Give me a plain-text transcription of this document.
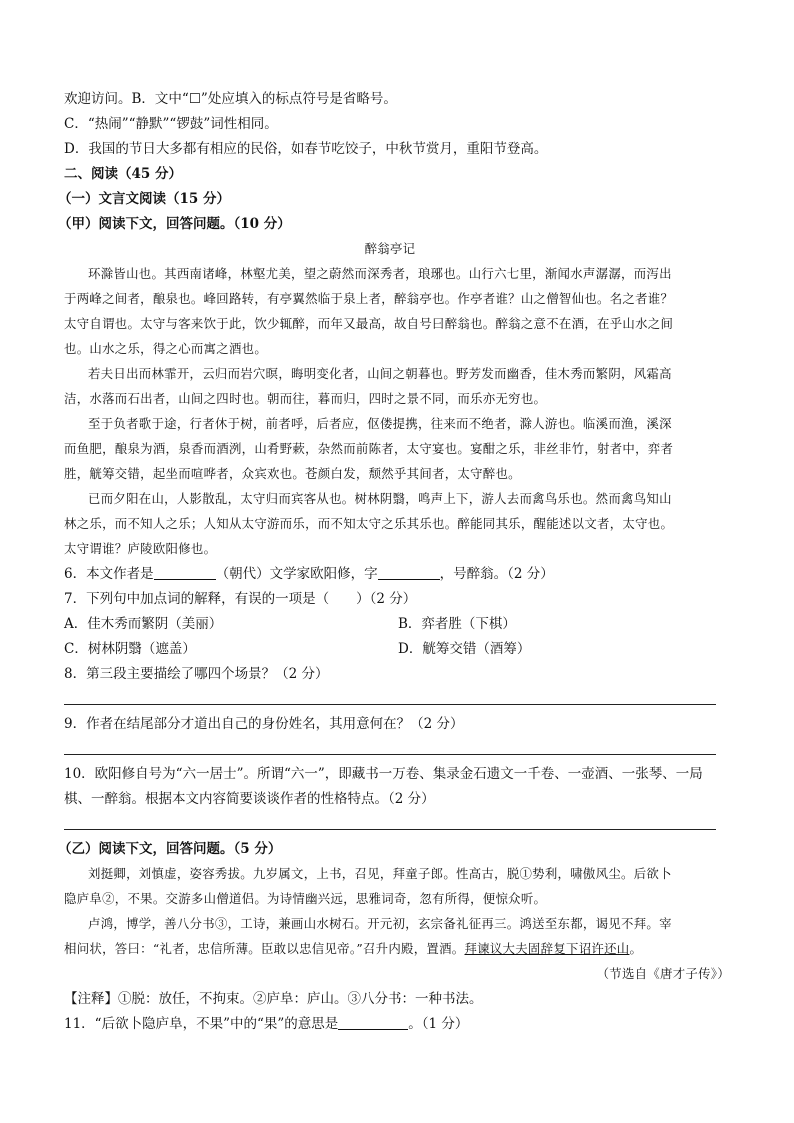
欢迎访问。B．文中“☐”处应填入的标点符号是省略号。
C．“热闹”“静默”“锣鼓”词性相同。
D．我国的节日大多都有相应的民俗，如春节吃饺子，中秋节赏月，重阳节登高。
二、阅读（45 分）
（一）文言文阅读（15 分）
（甲）阅读下文，回答问题。（10 分）
醉翁亭记
环滁皆山也。其西南诸峰，林壑尤美，望之蔚然而深秀者，琅琊也。山行六七里，渐闻水声潺潺，而泻出
于两峰之间者，酿泉也。峰回路转，有亭翼然临于泉上者，醉翁亭也。作亭者谁？山之僧智仙也。名之者谁？
太守自谓也。太守与客来饮于此，饮少辄醉，而年又最高，故自号曰醉翁也。醉翁之意不在酒，在乎山水之间
也。山水之乐，得之心而寓之酒也。
若夫日出而林霏开，云归而岩穴暝，晦明变化者，山间之朝暮也。野芳发而幽香，佳木秀而繁阴，风霜高
洁，水落而石出者，山间之四时也。朝而往，暮而归，四时之景不同，而乐亦无穷也。
至于负者歌于途，行者休于树，前者呼，后者应，伛偻提携，往来而不绝者，滁人游也。临溪而渔，溪深
而鱼肥，酿泉为酒，泉香而酒洌，山肴野蔌，杂然而前陈者，太守宴也。宴酣之乐，非丝非竹，射者中，弈者
胜，觥筹交错，起坐而喧哗者，众宾欢也。苍颜白发，颓然乎其间者，太守醉也。
已而夕阳在山，人影散乱，太守归而宾客从也。树林阴翳，鸣声上下，游人去而禽鸟乐也。然而禽鸟知山
林之乐，而不知人之乐；人知从太守游而乐，而不知太守之乐其乐也。醉能同其乐，醒能述以文者，太守也。
太守谓谁？庐陵欧阳修也。
6．本文作者是	（朝代）文学家欧阳修，字	，号醉翁。（2 分）
7．下列句中加点词的解释，有误的一项是（　　）（2 分）
A．佳木秀而繁阴（美丽）	B．弈者胜（下棋）
C．树林阴翳（遮盖）	D．觥筹交错（酒筹）
8．第三段主要描绘了哪四个场景？（2 分）
9．作者在结尾部分才道出自己的身份姓名，其用意何在？（2 分）
10．欧阳修自号为“六一居士”。所谓“六一”，即藏书一万卷、集录金石遗文一千卷、一壶酒、一张琴、一局
棋、一醉翁。根据本文内容简要谈谈作者的性格特点。（2 分）
（乙）阅读下文，回答问题。（5 分）
刘挺卿，刘慎虚，姿容秀拔。九岁属文，上书，召见，拜童子郎。性高古，脱①势利，啸傲风尘。后欲卜
隐庐阜②，不果。交游多山僧道侣。为诗情幽兴远，思雅词奇，忽有所得，便惊众听。
卢鸿，博学，善八分书③，工诗，兼画山水树石。开元初，玄宗备礼征再三。鸿送至东都，谒见不拜。宰
相问状，答曰：“礼者，忠信所薄。臣敢以忠信见帝。”召升内殿，置酒。拜谏议大夫固辞复下诏许还山。
（节选自《唐才子传》）
【注释】①脱：放任，不拘束。②庐阜：庐山。③八分书：一种书法。
11．“后欲卜隐庐阜，不果”中的“果”的意思是	。（1 分）
